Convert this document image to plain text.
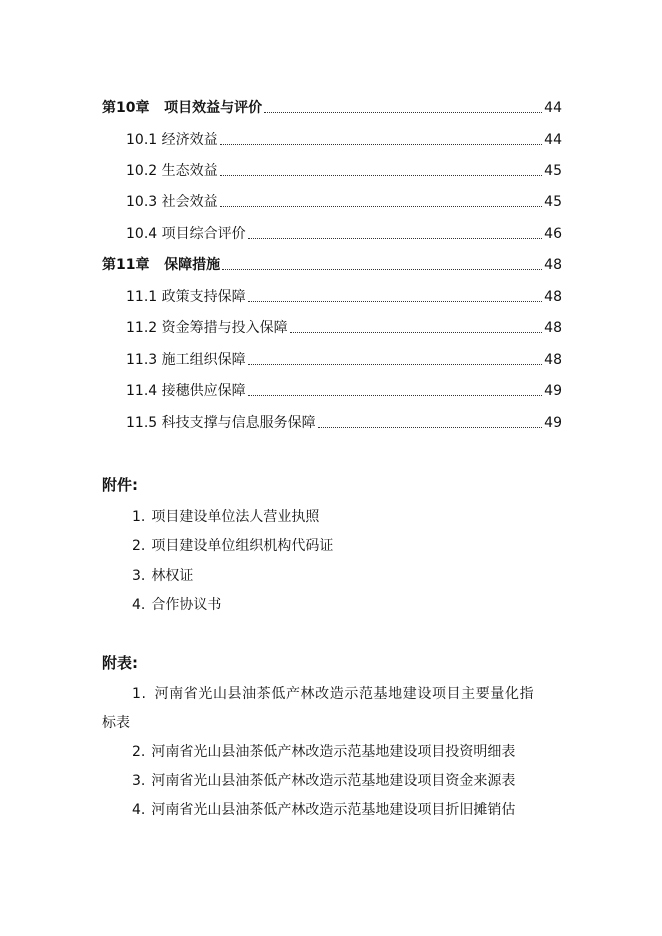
第10章 项目效益与评价	44
10.1 经济效益	44
10.2 生态效益	45
10.3 社会效益	45
10.4 项目综合评价	46
第11章 保障措施	48
11.1 政策支持保障	48
11.2 资金筹措与投入保障	48
11.3 施工组织保障	48
11.4 接穗供应保障	49
11.5 科技支撑与信息服务保障	49
附件:
1. 项目建设单位法人营业执照
2. 项目建设单位组织机构代码证
3. 林权证
4. 合作协议书
附表:
1. 河南省光山县油茶低产林改造示范基地建设项目主要量化指
标表
2. 河南省光山县油茶低产林改造示范基地建设项目投资明细表
3. 河南省光山县油茶低产林改造示范基地建设项目资金来源表
4. 河南省光山县油茶低产林改造示范基地建设项目折旧摊销估
